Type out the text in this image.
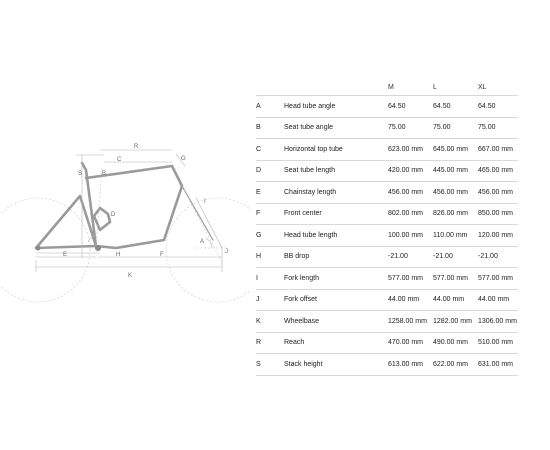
S
R
C	G
B
D
I
A
J
E	H	F
K
		M	L	XL
A	Head tube angle	64.50	64.50	64.50
B	Seat tube angle	75.00	75.00	75.00
C	Horizontal top tube	623.00 mm	645.00 mm	667.00 mm
D	Seat tube length	420.00 mm	445.00 mm	465.00 mm
E	Chainstay length	456.00 mm	456.00 mm	456.00 mm
F	Front center	802.00 mm	826.00 mm	850.00 mm
G	Head tube length	100.00 mm	110.00 mm	120.00 mm
H	BB drop	-21.00	-21.00	-21.00
I	Fork length	577.00 mm	577.00 mm	577.00 mm
J	Fork offset	44.00 mm	44.00 mm	44.00 mm
K	Wheelbase	1258.00 mm	1282.00 mm	1306.00 mm
R	Reach	470.00 mm	490.00 mm	510.00 mm
S	Stack height	613.00 mm	622.00 mm	631.00 mm
